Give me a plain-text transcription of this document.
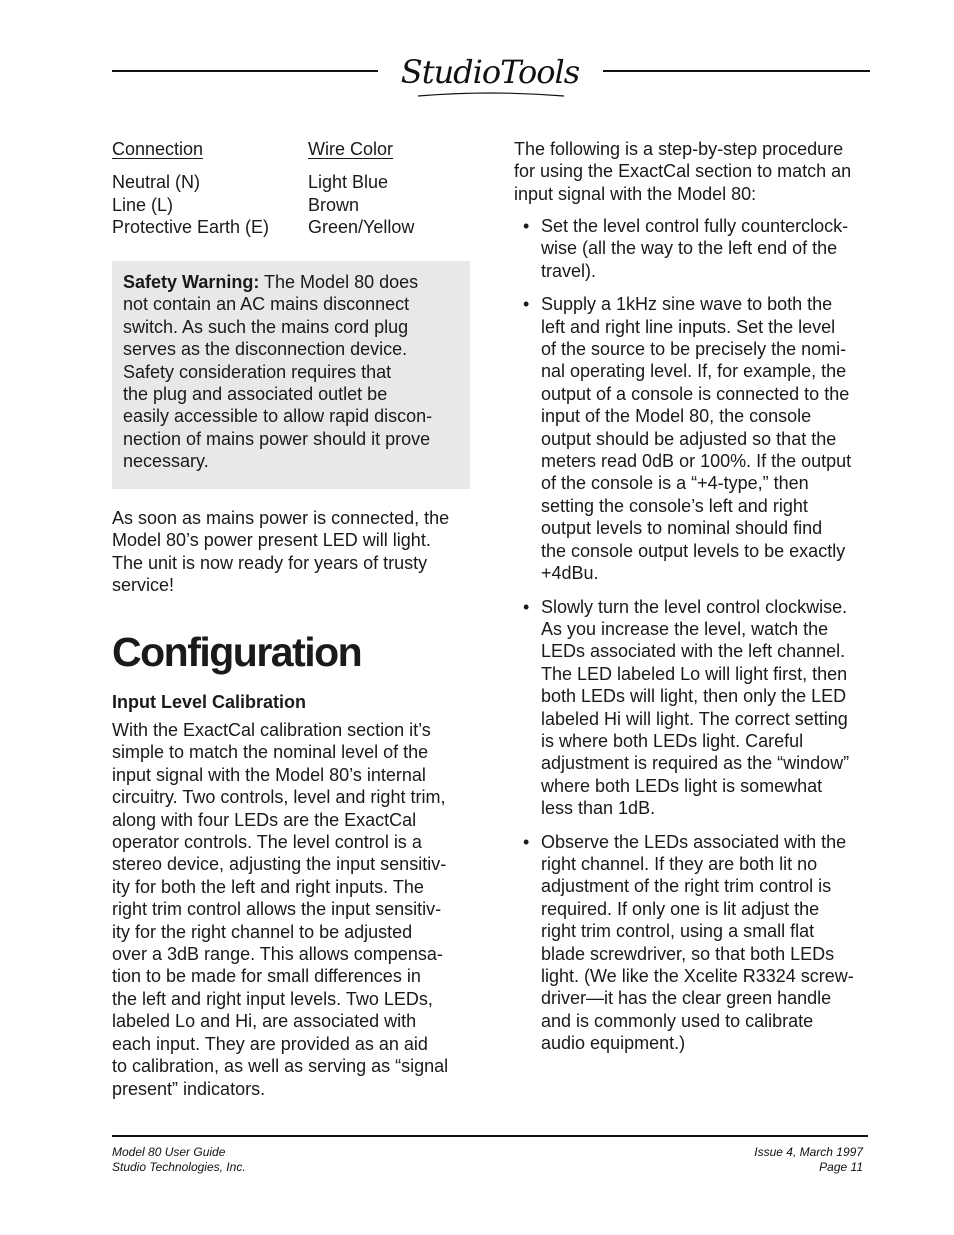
StudioTools
Connection	Wire Color
Neutral (N)	Light Blue
Line (L)	Brown
Protective Earth (E)	Green/Yellow
Safety Warning: The Model 80 does
not contain an AC mains disconnect
switch. As such the mains cord plug
serves as the disconnection device.
Safety consideration requires that
the plug and associated outlet be
easily accessible to allow rapid discon-
nection of mains power should it prove
necessary.
As soon as mains power is connected, the
Model 80’s power present LED will light.
The unit is now ready for years of trusty
service!
Configuration
Input Level Calibration
With the ExactCal calibration section it’s
simple to match the nominal level of the
input signal with the Model 80’s internal
circuitry. Two controls, level and right trim,
along with four LEDs are the ExactCal
operator controls. The level control is a
stereo device, adjusting the input sensitiv-
ity for both the left and right inputs. The
right trim control allows the input sensitiv-
ity for the right channel to be adjusted
over a 3dB range. This allows compensa-
tion to be made for small differences in
the left and right input levels. Two LEDs,
labeled Lo and Hi, are associated with
each input. They are provided as an aid
to calibration, as well as serving as “signal
present” indicators.
The following is a step-by-step procedure
for using the ExactCal section to match an
input signal with the Model 80:
• Set the level control fully counterclock-
wise (all the way to the left end of the
travel).
• Supply a 1kHz sine wave to both the
left and right line inputs. Set the level
of the source to be precisely the nomi-
nal operating level. If, for example, the
output of a console is connected to the
input of the Model 80, the console
output should be adjusted so that the
meters read 0dB or 100%. If the output
of the console is a “+4-type,” then
setting the console’s left and right
output levels to nominal should find
the console output levels to be exactly
+4dBu.
• Slowly turn the level control clockwise.
As you increase the level, watch the
LEDs associated with the left channel.
The LED labeled Lo will light first, then
both LEDs will light, then only the LED
labeled Hi will light. The correct setting
is where both LEDs light. Careful
adjustment is required as the “window”
where both LEDs light is somewhat
less than 1dB.
• Observe the LEDs associated with the
right channel. If they are both lit no
adjustment of the right trim control is
required. If only one is lit adjust the
right trim control, using a small flat
blade screwdriver, so that both LEDs
light. (We like the Xcelite R3324 screw-
driver—it has the clear green handle
and is commonly used to calibrate
audio equipment.)
Model 80 User Guide
Studio Technologies, Inc.
Issue 4, March 1997
Page 11
